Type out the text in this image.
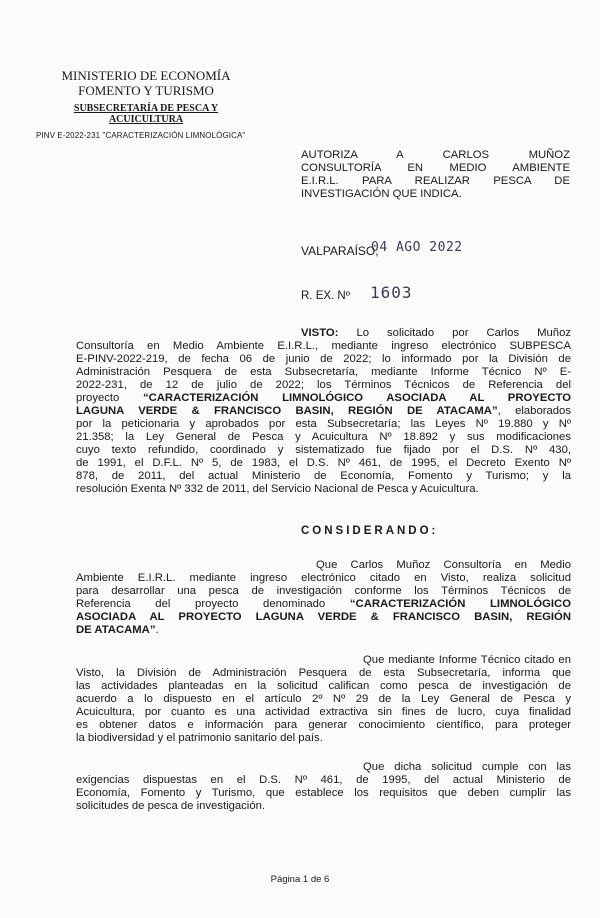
MINISTERIO DE ECONOMÍA
FOMENTO Y TURISMO
SUBSECRETARÍA DE PESCA Y
ACUICULTURA
PINV E-2022-231 "CARACTERIZACIÓN LIMNOLÓGICA"
AUTORIZA A CARLOS MUÑOZ
CONSULTORÍA EN MEDIO AMBIENTE
E.I.R.L. PARA REALIZAR PESCA DE
INVESTIGACIÓN QUE INDICA.
VALPARAÍSO,
04 AGO 2022
R. EX. Nº 1603
VISTO: Lo solicitado por Carlos Muñoz
Consultoría en Medio Ambiente E.I.R.L., mediante ingreso electrónico SUBPESCA
E-PINV-2022-219, de fecha 06 de junio de 2022; lo informado por la División de
Administración Pesquera de esta Subsecretaría, mediante Informe Técnico Nº E-
2022-231, de 12 de julio de 2022; los Términos Técnicos de Referencia del
proyecto “CARACTERIZACIÓN LIMNOLÓGICO ASOCIADA AL PROYECTO
LAGUNA VERDE & FRANCISCO BASIN, REGIÓN DE ATACAMA”, elaborados
por la peticionaria y aprobados por esta Subsecretaría; las Leyes Nº 19.880 y Nº
21.358; la Ley General de Pesca y Acuicultura Nº 18.892 y sus modificaciones
cuyo texto refundido, coordinado y sistematizado fue fijado por el D.S. Nº 430,
de 1991, el D.F.L. Nº 5, de 1983, el D.S. Nº 461, de 1995, el Decreto Exento Nº
878, de 2011, del actual Ministerio de Economía, Fomento y Turismo; y la
resolución Exenta Nº 332 de 2011, del Servicio Nacional de Pesca y Acuicultura.
CONSIDERANDO:
Que Carlos Muñoz Consultoría en Medio
Ambiente E.I.R.L. mediante ingreso electrónico citado en Visto, realiza solicitud
para desarrollar una pesca de investigación conforme los Términos Técnicos de
Referencia del proyecto denominado “CARACTERIZACIÓN LIMNOLÓGICO
ASOCIADA AL PROYECTO LAGUNA VERDE & FRANCISCO BASIN, REGIÓN
DE ATACAMA”.
Que mediante Informe Técnico citado en
Visto, la División de Administración Pesquera de esta Subsecretaría, informa que
las actividades planteadas en la solicitud califican como pesca de investigación de
acuerdo a lo dispuesto en el artículo 2º Nº 29 de la Ley General de Pesca y
Acuicultura, por cuanto es una actividad extractiva sin fines de lucro, cuya finalidad
es obtener datos e información para generar conocimiento científico, para proteger
la biodiversidad y el patrimonio sanitario del país.
Que dicha solicitud cumple con las
exigencias dispuestas en el D.S. Nº 461, de 1995, del actual Ministerio de
Economía, Fomento y Turismo, que establece los requisitos que deben cumplir las
solicitudes de pesca de investigación.
Página 1 de 6
